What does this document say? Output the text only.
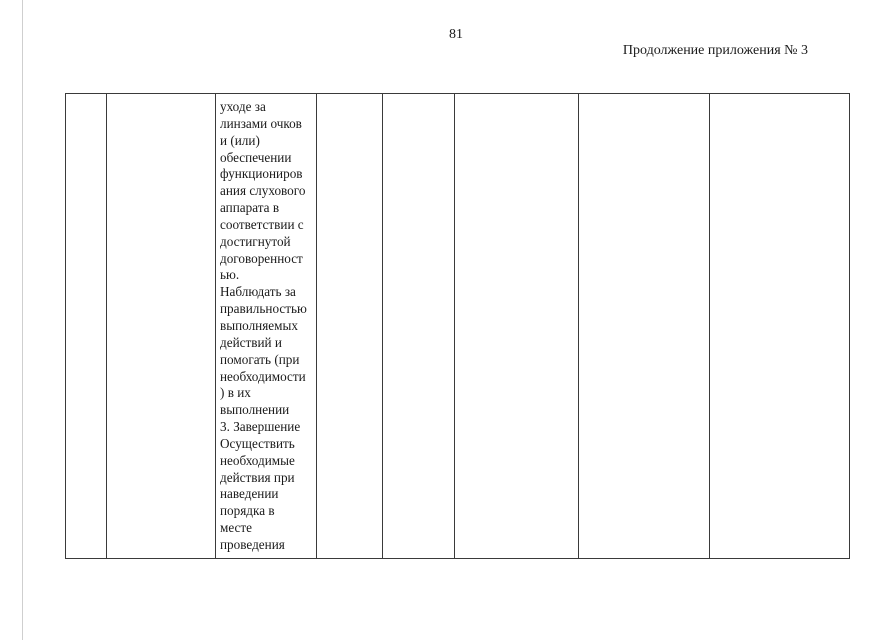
81
Продолжение приложения № 3
		уходе за
линзами очков
и (или)
обеспечении
функциониров
ания слухового
аппарата в
соответствии с
достигнутой
договоренност
ью.
Наблюдать за
правильностью
выполняемых
действий и
помогать (при
необходимости
) в их
выполнении
3. Завершение
Осуществить
необходимые
действия при
наведении
порядка в
месте
проведения					
